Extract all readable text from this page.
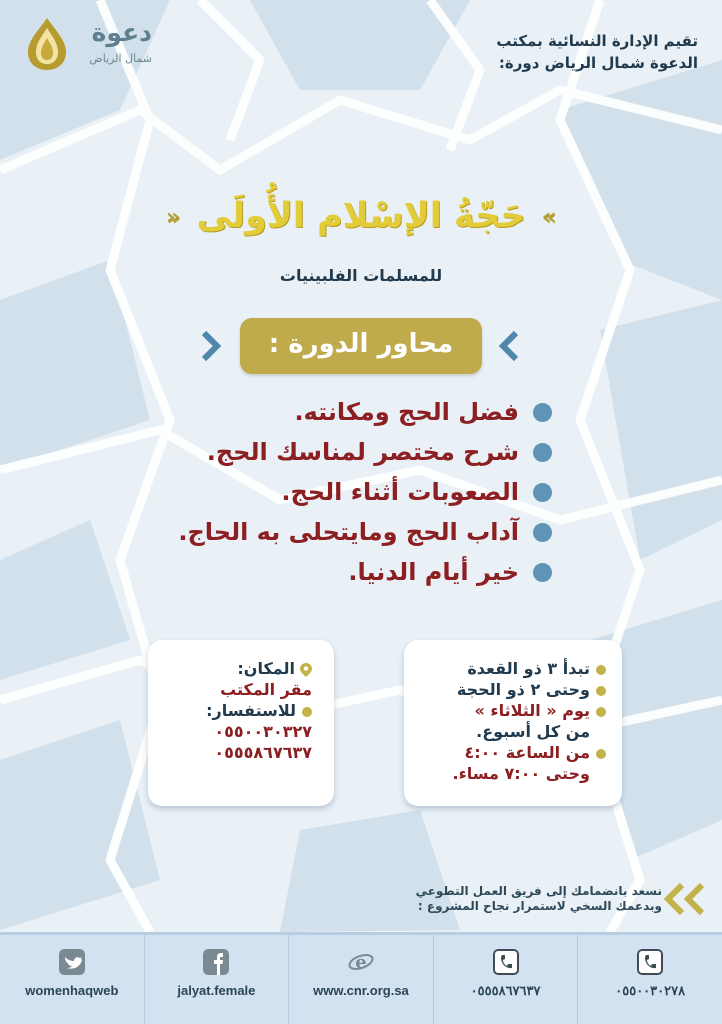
دعوة
شمال الرياض
تقيم الإدارة النسائية بمكتب
الدعوة شمال الرياض دورة:
» حَجّةُ الإسْلام الأُولَى «
للمسلمات الفلبينيات
محاور الدورة :
فضل الحج ومكانته.
شرح مختصر لمناسك الحج.
الصعوبات أثناء الحج.
آداب الحج ومايتحلى به الحاج.
خير أيام الدنيا.
المكان:
مقر المكتب
للاستفسار:
٠٥٥٠٠٣٠٣٢٧
٠٥٥٥٨٦٧٦٣٧
تبدأ ٣ ذو القعدة
وحتى ٢ ذو الحجة
يوم « الثلاثاء »
من كل أسبوع.
من الساعة ٤:٠٠
وحتى ٧:٠٠ مساء.
نسعد بانضمامك إلى فريق العمل التطوعي
وبدعمك السخي لاستمرار نجاح المشروع :
womenhaqweb	jalyat.female
e
www.cnr.org.sa	٠٥٥٥٨٦٧٦٣٧	٠٥٥٠٠٣٠٢٧٨
